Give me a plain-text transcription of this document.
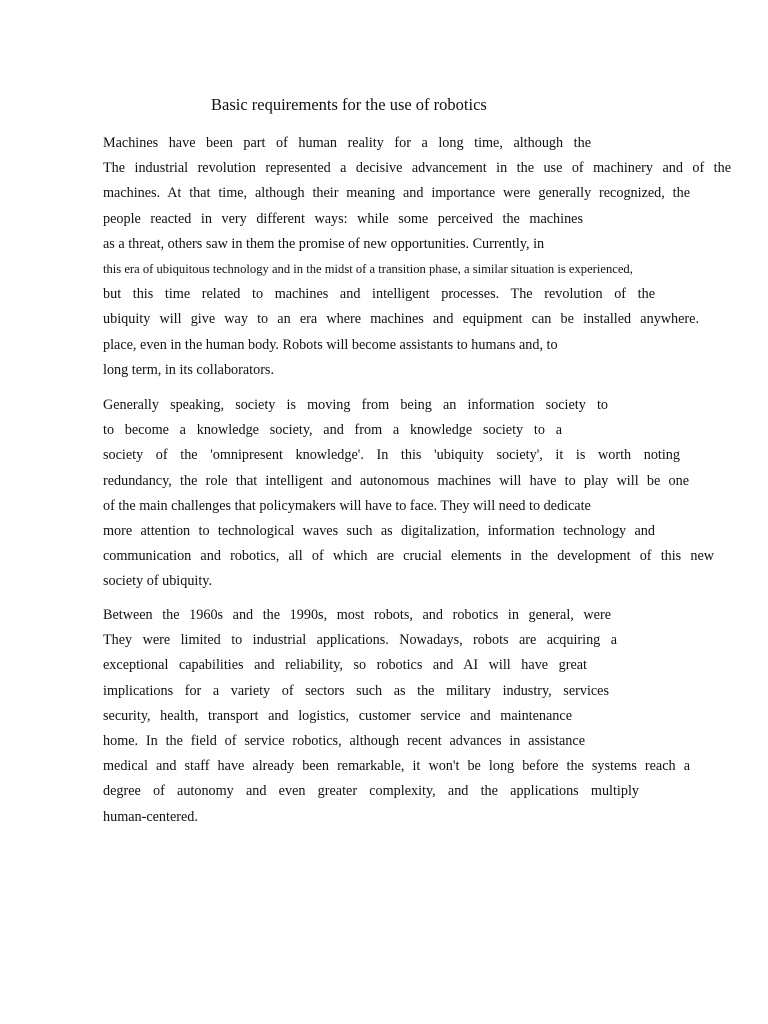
Basic requirements for the use of robotics
Machines have been part of human reality for a long time, although the
The industrial revolution represented a decisive advancement in the use of machinery and of the
machines. At that time, although their meaning and importance were generally recognized, the
people reacted in very different ways: while some perceived the machines
as a threat, others saw in them the promise of new opportunities. Currently, in
this era of ubiquitous technology and in the midst of a transition phase, a similar situation is experienced,
but this time related to machines and intelligent processes. The revolution of the
ubiquity will give way to an era where machines and equipment can be installed anywhere.
place, even in the human body. Robots will become assistants to humans and, to
long term, in its collaborators.
Generally speaking, society is moving from being an information society to
to become a knowledge society, and from a knowledge society to a
society of the 'omnipresent knowledge'. In this 'ubiquity society', it is worth noting
redundancy, the role that intelligent and autonomous machines will have to play will be one
of the main challenges that policymakers will have to face. They will need to dedicate
more attention to technological waves such as digitalization, information technology and
communication and robotics, all of which are crucial elements in the development of this new
society of ubiquity.
Between the 1960s and the 1990s, most robots, and robotics in general, were
They were limited to industrial applications. Nowadays, robots are acquiring a
exceptional capabilities and reliability, so robotics and AI will have great
implications for a variety of sectors such as the military industry, services
security, health, transport and logistics, customer service and maintenance
home. In the field of service robotics, although recent advances in assistance
medical and staff have already been remarkable, it won't be long before the systems reach a
degree of autonomy and even greater complexity, and the applications multiply
human-centered.
